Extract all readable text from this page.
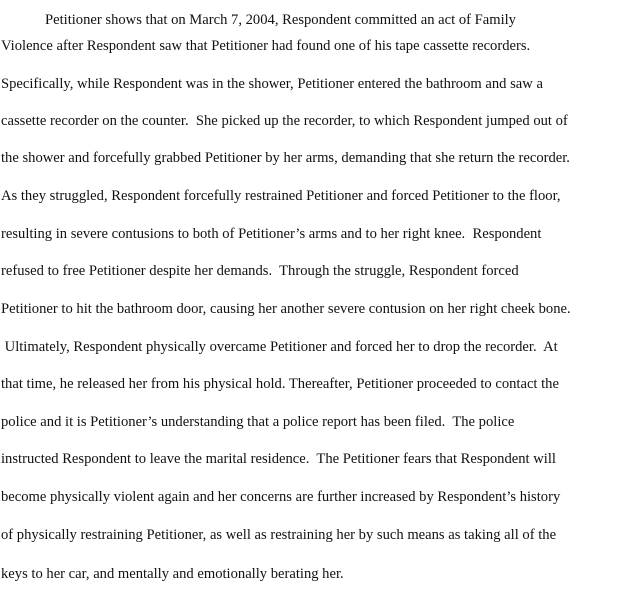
Petitioner shows that on March 7, 2004, Respondent committed an act of Family
Violence after Respondent saw that Petitioner had found one of his tape cassette recorders.
Specifically, while Respondent was in the shower, Petitioner entered the bathroom and saw a
cassette recorder on the counter.  She picked up the recorder, to which Respondent jumped out of
the shower and forcefully grabbed Petitioner by her arms, demanding that she return the recorder.
As they struggled, Respondent forcefully restrained Petitioner and forced Petitioner to the floor,
resulting in severe contusions to both of Petitioner’s arms and to her right knee.  Respondent
refused to free Petitioner despite her demands.  Through the struggle, Respondent forced
Petitioner to hit the bathroom door, causing her another severe contusion on her right cheek bone.
Ultimately, Respondent physically overcame Petitioner and forced her to drop the recorder.  At
that time, he released her from his physical hold. Thereafter, Petitioner proceeded to contact the
police and it is Petitioner’s understanding that a police report has been filed.  The police
instructed Respondent to leave the marital residence.  The Petitioner fears that Respondent will
become physically violent again and her concerns are further increased by Respondent’s history
of physically restraining Petitioner, as well as restraining her by such means as taking all of the
keys to her car, and mentally and emotionally berating her.
